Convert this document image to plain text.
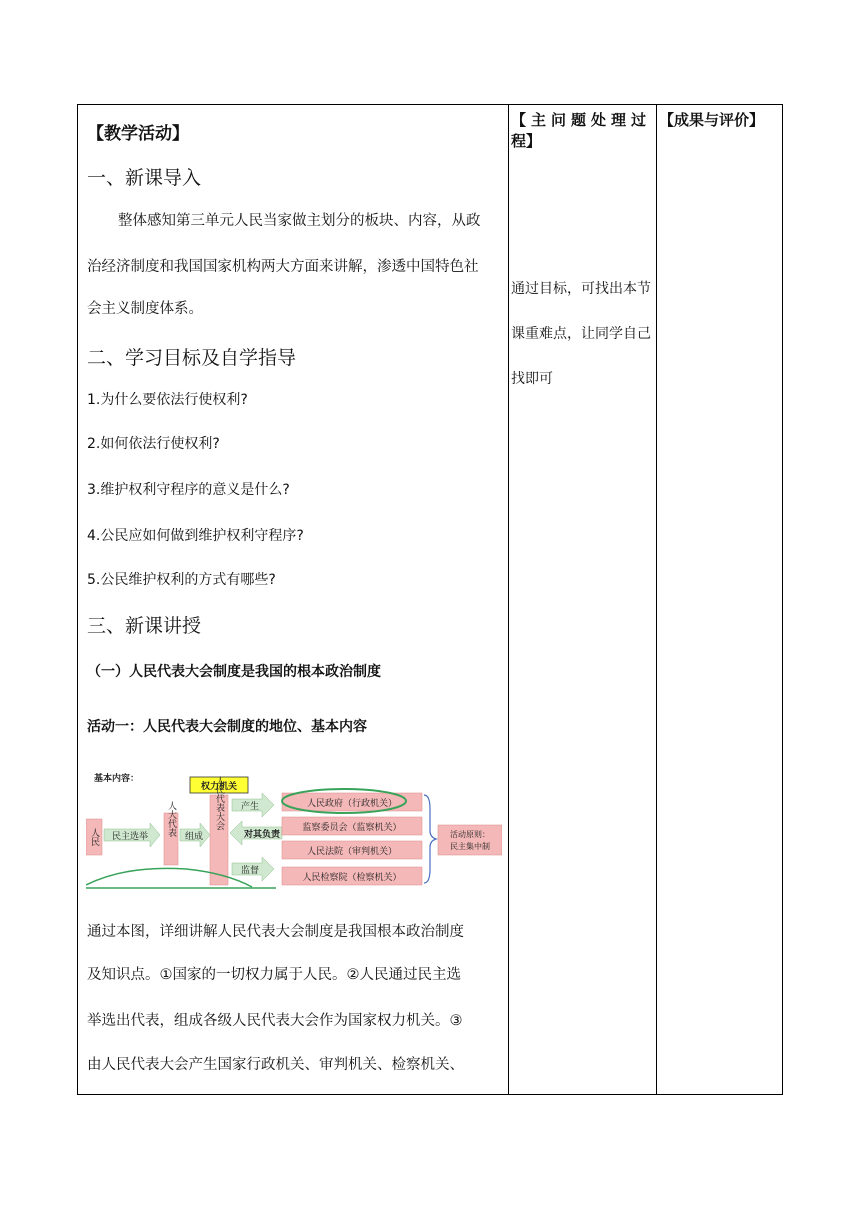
【教学活动】
一、新课导入
整体感知第三单元人民当家做主划分的板块、内容，从政
治经济制度和我国国家机构两大方面来讲解，渗透中国特色社
会主义制度体系。
二、学习目标及自学指导
1.为什么要依法行使权利?
2.如何依法行使权利?
3.维护权利守程序的意义是什么?
4.公民应如何做到维护权利守程序?
5.公民维护权利的方式有哪些?
三、新课讲授
（一）人民代表大会制度是我国的根本政治制度
活动一：人民代表大会制度的地位、基本内容
基本内容：
人民 民主选举 人大代表 组成
权力机关
人民代表大会 产生
对其负责
监督
人民政府（行政机关）
监察委员会（监察机关）
人民法院（审判机关）
人民检察院（检察机关）
活动原则：
民主集中制
通过本图，详细讲解人民代表大会制度是我国根本政治制度
及知识点。①国家的一切权力属于人民。②人民通过民主选
举选出代表，组成各级人民代表大会作为国家权力机关。③
由人民代表大会产生国家行政机关、审判机关、检察机关、
【主问题处理过
程】
通过目标，可找出本节
课重难点，让同学自己
找即可
【成果与评价】
